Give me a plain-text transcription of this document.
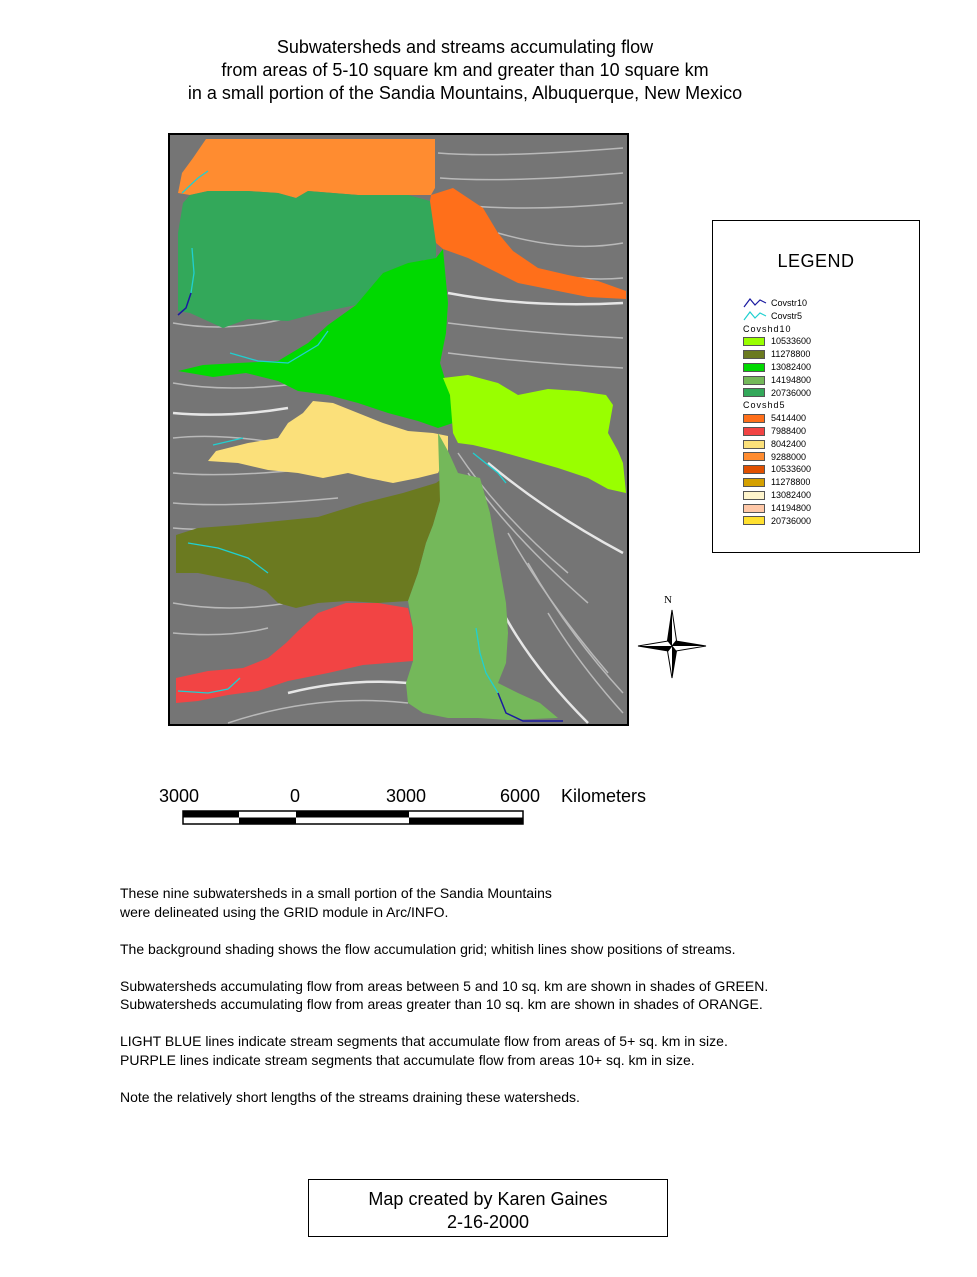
Subwatersheds and streams accumulating flow
from areas of 5-10 square km and greater than 10 square km
in a small portion of the Sandia Mountains, Albuquerque, New Mexico
LEGEND
Covstr10
Covstr5
Covshd10
10533600
11278800
13082400
14194800
20736000
Covshd5
5414400
7988400
8042400
9288000
10533600
11278800
13082400
14194800
20736000
N
3000	0	3000	6000 Kilometers

These nine subwatersheds in a small portion of the Sandia Mountains
were delineated using the GRID module in Arc/INFO.

The background shading shows the flow accumulation grid; whitish lines show positions of streams.

Subwatersheds accumulating flow from areas between 5 and 10 sq. km are shown in shades of GREEN.
Subwatersheds accumulating flow from areas greater than 10 sq. km are shown in shades of ORANGE.

LIGHT BLUE lines indicate stream segments that accumulate flow from areas of 5+ sq. km in size.
PURPLE lines indicate stream segments that accumulate flow from areas 10+ sq. km in size.

Note the relatively short lengths of the streams draining these watersheds.

Map created by Karen Gaines
2-16-2000
